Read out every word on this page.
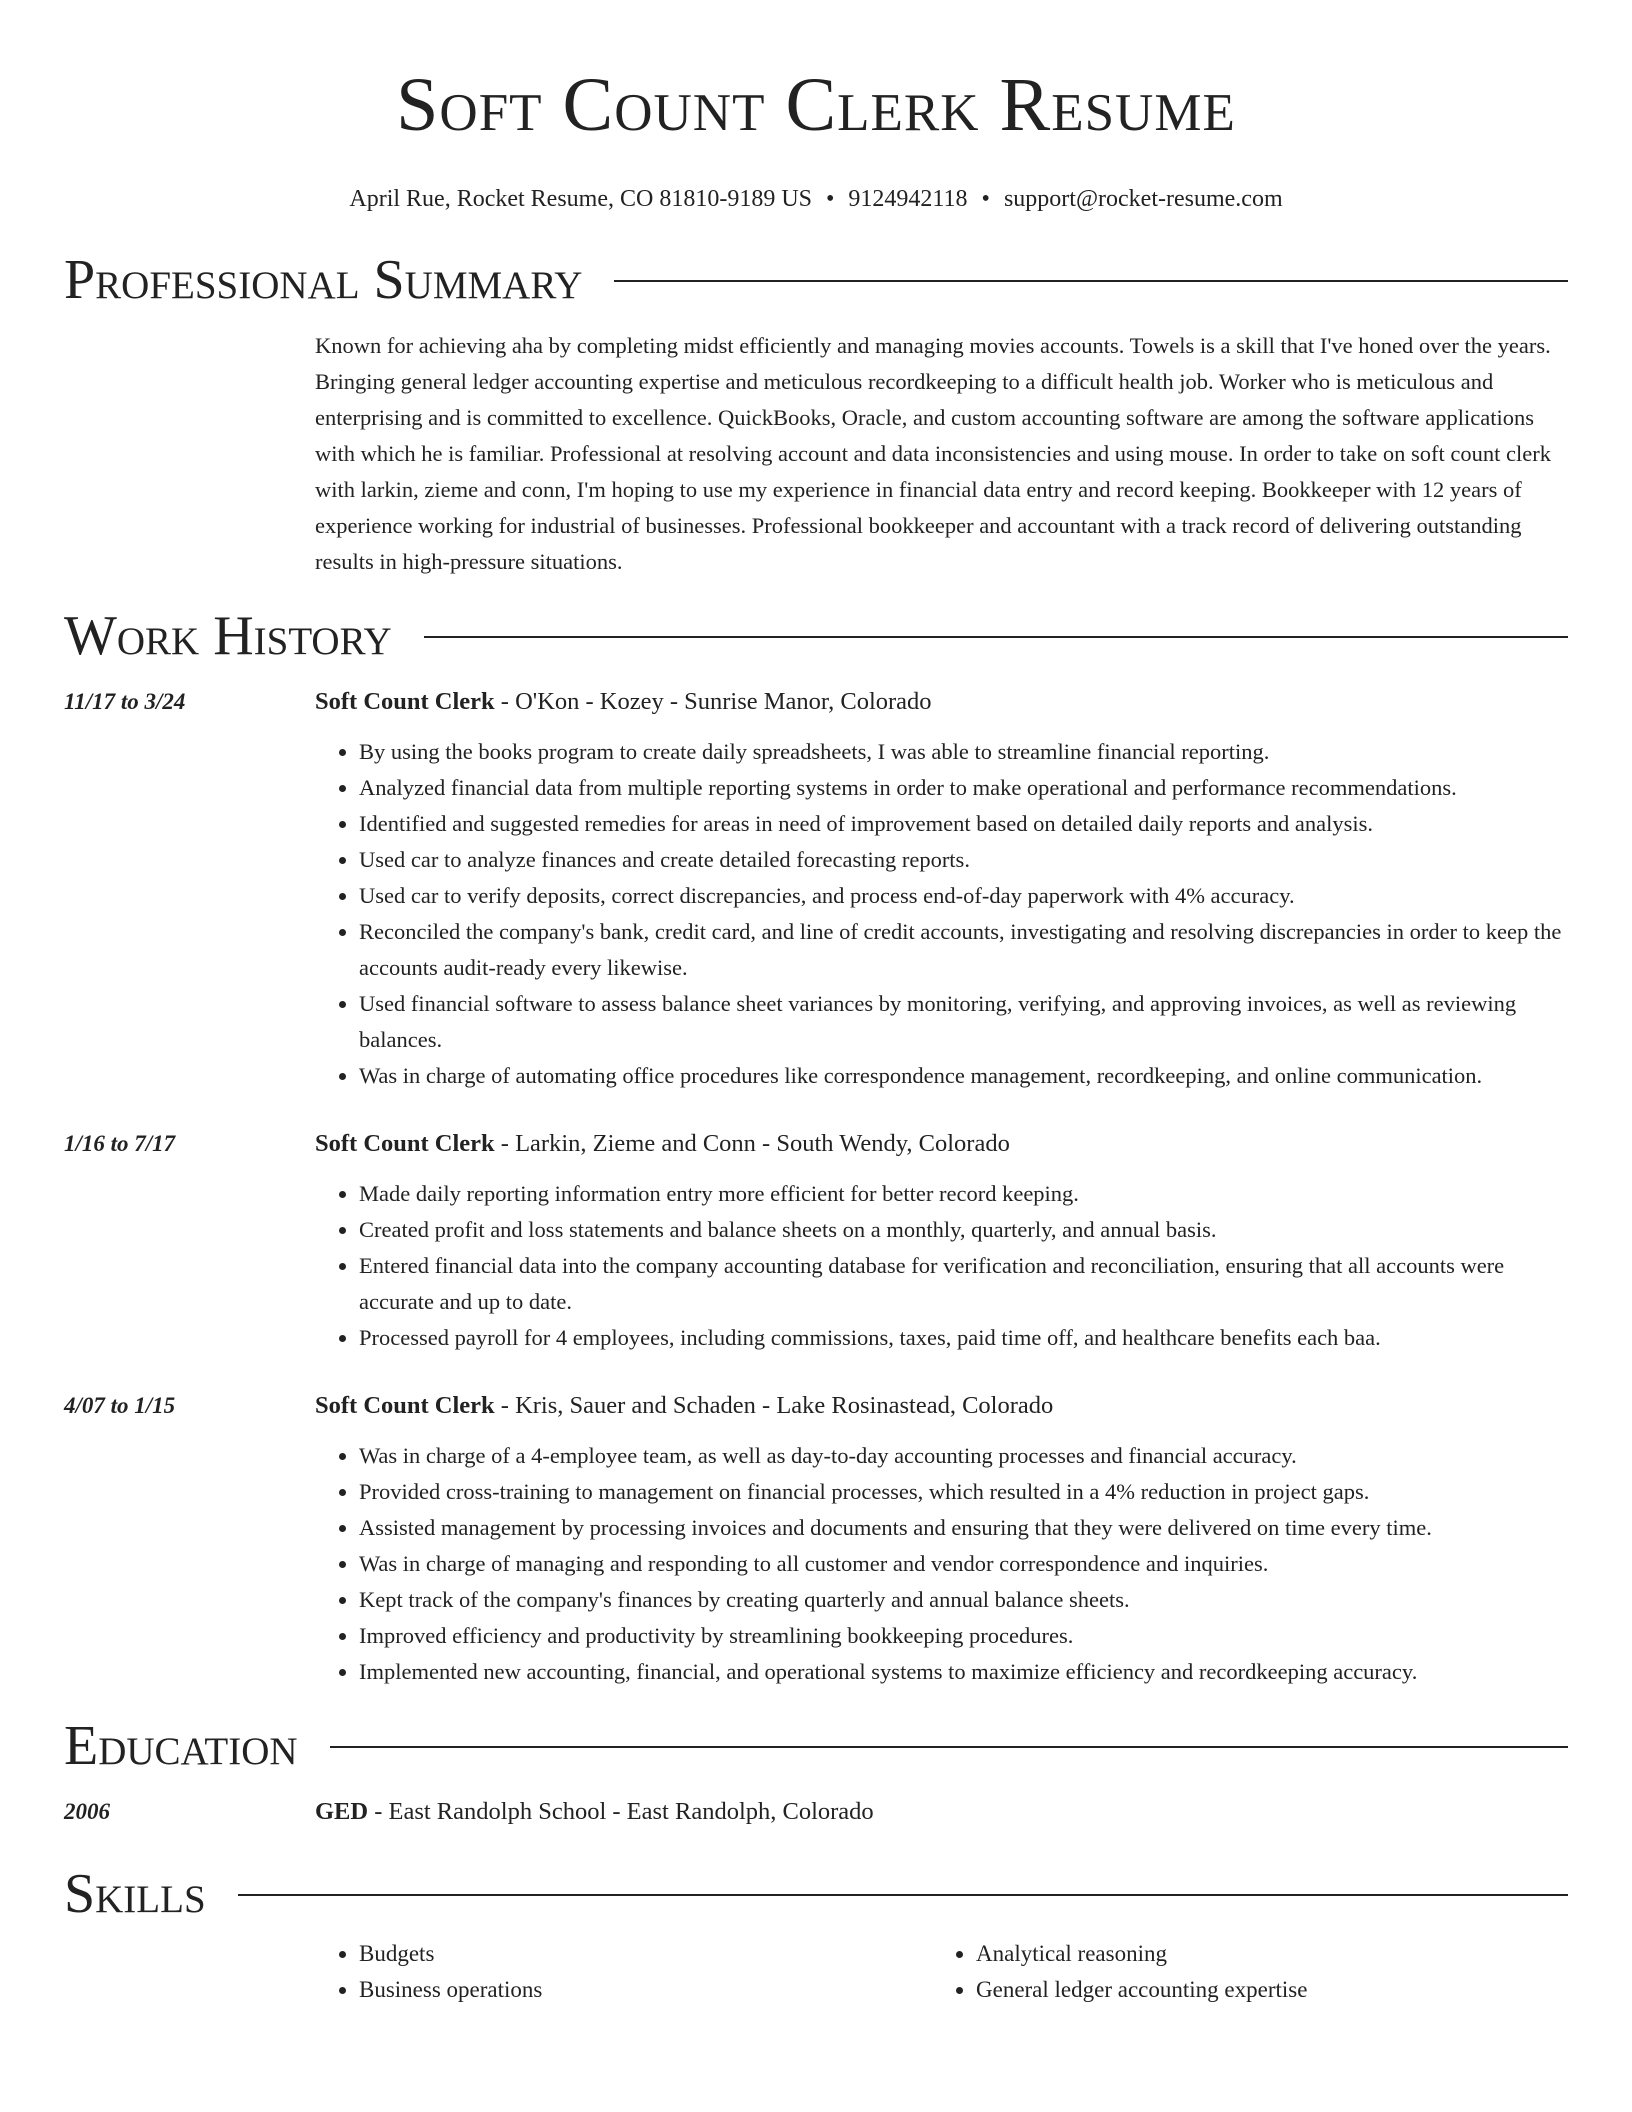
Soft Count Clerk Resume
April Rue, Rocket Resume, CO 81810-9189 US • 9124942118 • support@rocket-resume.com
Professional Summary
Known for achieving aha by completing midst efficiently and managing movies accounts. Towels is a skill that I've honed over the years. Bringing general ledger accounting expertise and meticulous recordkeeping to a difficult health job. Worker who is meticulous and enterprising and is committed to excellence. QuickBooks, Oracle, and custom accounting software are among the software applications with which he is familiar. Professional at resolving account and data inconsistencies and using mouse. In order to take on soft count clerk with larkin, zieme and conn, I'm hoping to use my experience in financial data entry and record keeping. Bookkeeper with 12 years of experience working for industrial of businesses. Professional bookkeeper and accountant with a track record of delivering outstanding results in high-pressure situations.
Work History
11/17 to 3/24	Soft Count Clerk - O'Kon - Kozey - Sunrise Manor, Colorado
• By using the books program to create daily spreadsheets, I was able to streamline financial reporting.
• Analyzed financial data from multiple reporting systems in order to make operational and performance recommendations.
• Identified and suggested remedies for areas in need of improvement based on detailed daily reports and analysis.
• Used car to analyze finances and create detailed forecasting reports.
• Used car to verify deposits, correct discrepancies, and process end-of-day paperwork with 4% accuracy.
• Reconciled the company's bank, credit card, and line of credit accounts, investigating and resolving discrepancies in order to keep the accounts audit-ready every likewise.
• Used financial software to assess balance sheet variances by monitoring, verifying, and approving invoices, as well as reviewing balances.
• Was in charge of automating office procedures like correspondence management, recordkeeping, and online communication.
1/16 to 7/17	Soft Count Clerk - Larkin, Zieme and Conn - South Wendy, Colorado
• Made daily reporting information entry more efficient for better record keeping.
• Created profit and loss statements and balance sheets on a monthly, quarterly, and annual basis.
• Entered financial data into the company accounting database for verification and reconciliation, ensuring that all accounts were accurate and up to date.
• Processed payroll for 4 employees, including commissions, taxes, paid time off, and healthcare benefits each baa.
4/07 to 1/15	Soft Count Clerk - Kris, Sauer and Schaden - Lake Rosinastead, Colorado
• Was in charge of a 4-employee team, as well as day-to-day accounting processes and financial accuracy.
• Provided cross-training to management on financial processes, which resulted in a 4% reduction in project gaps.
• Assisted management by processing invoices and documents and ensuring that they were delivered on time every time.
• Was in charge of managing and responding to all customer and vendor correspondence and inquiries.
• Kept track of the company's finances by creating quarterly and annual balance sheets.
• Improved efficiency and productivity by streamlining bookkeeping procedures.
• Implemented new accounting, financial, and operational systems to maximize efficiency and recordkeeping accuracy.
Education
2006	GED - East Randolph School - East Randolph, Colorado
Skills
• Budgets
• Business operations
• Analytical reasoning
• General ledger accounting expertise
